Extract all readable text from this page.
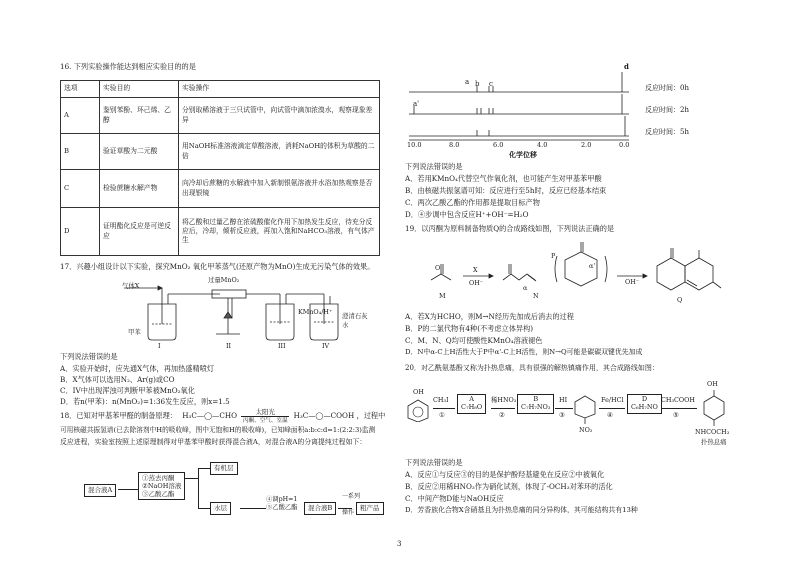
16. 下列实验操作能达到相应实验目的的是

选项	实验目的	实验操作
A	鉴别苯酚、环己烯、乙醇	分别取稀溶液于三只试管中，向试管中滴加浓溴水，观察现象差异
B	验证草酸为二元酸	用NaOH标准溶液滴定草酸溶液，消耗NaOH的体积为草酸的二倍
C	检验蔗糖水解产物	向冷却后蔗糖的水解液中加入新制银氨溶液并水浴加热观察是否出现银镜
D	证明酯化反应是可逆反应	将乙酸和过量乙醇在浓硫酸催化作用下加热发生反应，待充分反应后，冷却，倾析反应液，再加入饱和NaHCO₃溶液，有气体产生

17．兴趣小组设计以下实验，探究MnO₂ 氧化甲苯蒸气(还原产物为MnO)生成无污染气体的效果。

气体X
过量MnO₂
甲苯
KMnO₄/H⁺ 澄清石灰水
I	II	III	IV

下列说法错误的是

A．实验开始时，应先通X气体，再加热盛精喷灯

B．X气体可以选用N₂、Ar(g)或CO

C．IV中出现浑浊可判断甲苯被MnO₂氧化

D．若n(甲苯)：n(MnO₂)=1:36发生反应，则x=1.5

18．已知对甲基苯甲醛的制备原理： H₃C—◯—CHO	太阳光
丙酮、空气、室温
H₃C—◯—COOH ，过程中

可用核磁共振氢谱(已去除溶剂中H的吸收峰，图中无饱和H的吸收峰)，已知峰面积a:b:c:d=1:(2:2:3)监测

反应进程，实验室按照上述原理制得对甲基苯甲酸时获得混合液A，对混合液A的分离提纯过程如下：

混合液A
①蒸去丙酮
②NaOH溶液
③乙酸乙酯
有机层
水层
④调pH=1
⑤乙酸乙酯	混合液B
一系列
操作
粗产品
d
b c
a
a'
反应时间：0h
反应时间：2h
反应时间：5h
10.0	8.0	6.0	4.0	2.0	0.0
化学位移

下列说法错误的是

A．若用KMnO₄代替空气作氧化剂，也可能产生对甲基苯甲酸

B．由核磁共振氢谱可知：反应进行至5h时，反应已经基本结束

C．两次乙酸乙酯的作用都是提取目标产物

D．④步调中包含反应H⁺+OH⁻=H₂O

19．以丙酮为原料制备物质Q的合成路线如图，下列说法正确的是

O
M
X
OH⁻
α
N
P
α'
OH⁻
Q

A．若X为HCHO，则M→N经历先加成后消去的过程

B．P的二氯代物有4种(不考虑立体异构)

C．M、N、Q均可使酸性KMnO₄溶液褪色

D．N中α-C上H活性大于P中α'-C上H活性，则N→Q可能是碳碳双键优先加成

20．对乙酰氨基酚又称为扑热息痛，具有很强的解热镇痛作用，其合成路线如图：

OH
CH₃I
①
A
C₇H₈O
稀HNO₃
②
B
C₇H₇NO₃
HI
③
NO₂
Fe/HCl
④
D
C₆H₇NO
CH₃COOH
⑤
OH
NHCOCH₃
扑热息痛

下列说法错误的是

A．反应①与反应③的目的是保护酚羟基避免在反应②中被氧化

B．反应②用稀HNO₃作为硝化试剂，体现了-OCH₃对苯环的活化

C．中间产物D能与NaOH反应

D．芳香族化合物X含硝基且为扑热息痛的同分异构体，其可能结构共有13种

3
